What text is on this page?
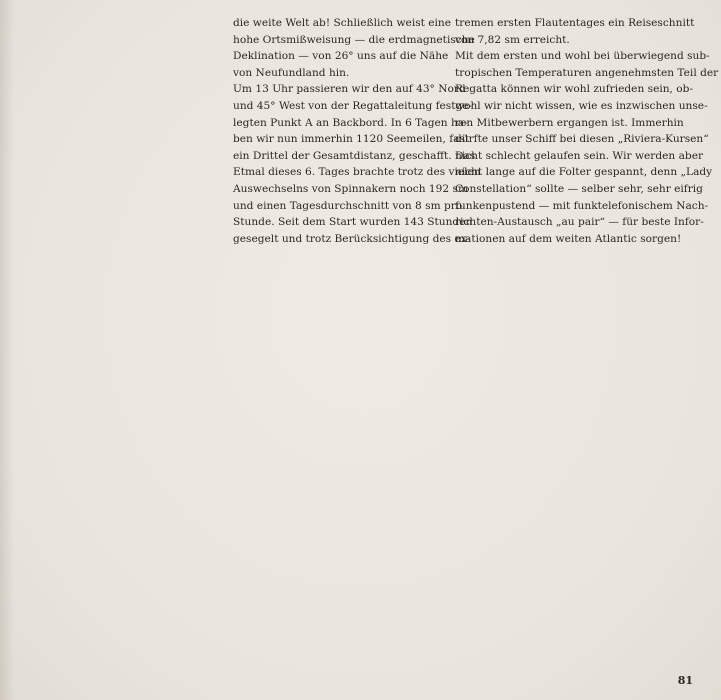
die weite Welt ab! Schließlich weist eine
hohe Ortsmißweisung — die erdmagnetische
Deklination — von 26° uns auf die Nähe
von Neufundland hin.
Um 13 Uhr passieren wir den auf 43° Nord
und 45° West von der Regattaleitung festge-
legten Punkt A an Backbord. In 6 Tagen ha-
ben wir nun immerhin 1120 Seemeilen, fast
ein Drittel der Gesamtdistanz, geschafft. Das
Etmal dieses 6. Tages brachte trotz des vielen
Auswechselns von Spinnakern noch 192 sm
und einen Tagesdurchschnitt von 8 sm pro
Stunde. Seit dem Start wurden 143 Stunden
gesegelt und trotz Berücksichtigung des ex-
tremen ersten Flautentages ein Reiseschnitt
von 7,82 sm erreicht.
Mit dem ersten und wohl bei überwiegend sub-
tropischen Temperaturen angenehmsten Teil der
Regatta können wir wohl zufrieden sein, ob-
wohl wir nicht wissen, wie es inzwischen unse-
ren Mitbewerbern ergangen ist. Immerhin
dürfte unser Schiff bei diesen „Riviera-Kursen“
nicht schlecht gelaufen sein. Wir werden aber
nicht lange auf die Folter gespannt, denn „Lady
Constellation“ sollte — selber sehr, sehr eifrig
funkenpustend — mit funktelefonischem Nach-
richten-Austausch „au pair“ — für beste Infor-
mationen auf dem weiten Atlantic sorgen!
81
